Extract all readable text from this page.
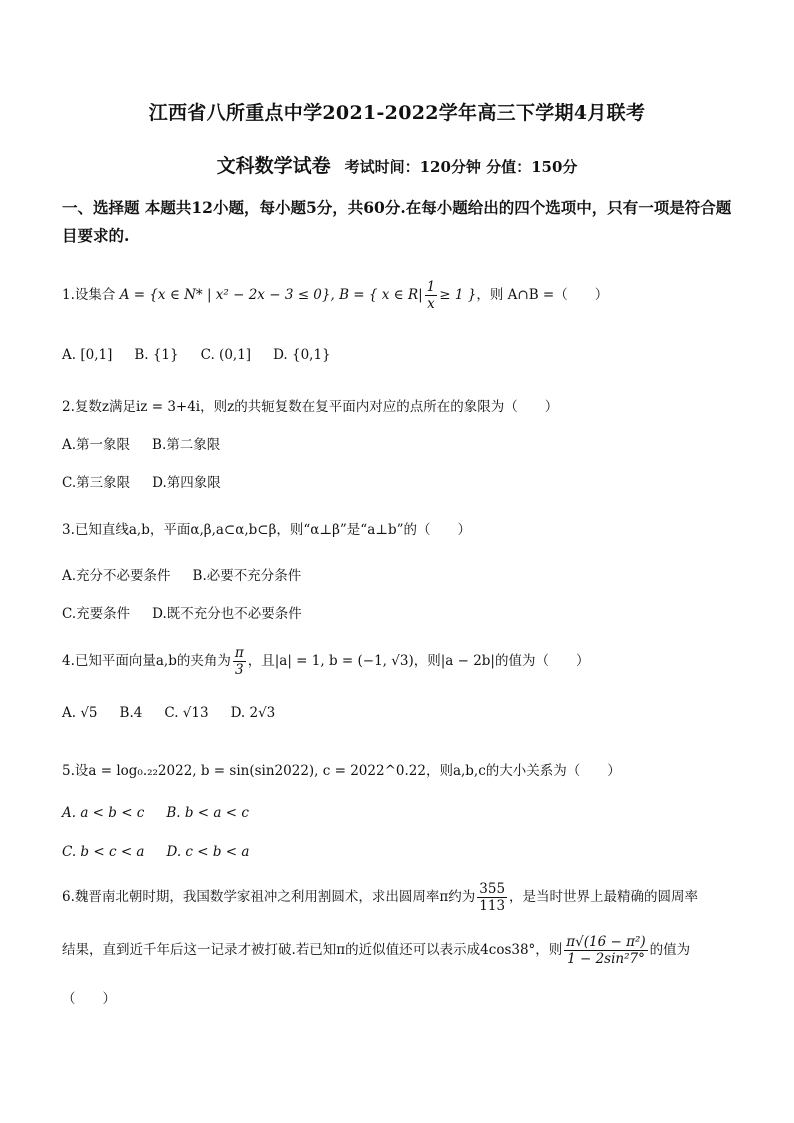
江西省八所重点中学2021-2022学年高三下学期4月联考
文科数学试卷 考试时间：120分钟 分值：150分
一、选择题 本题共12小题，每小题5分，共60分.在每小题给出的四个选项中，只有一项是符合题目要求的.
1.设集合 A = {x ∈ N* | x² − 2x − 3 ≤ 0}, B = { x ∈ $R| \frac{1}{x} \ge 1$ }，则 A∩B =（　　）
A. [0,1] B. {1} C. (0,1] D. {0,1}
2.复数z满足iz = 3+4i，则z的共轭复数在复平面内对应的点所在的象限为（　　）
A.第一象限 B.第二象限
C.第三象限 D.第四象限
3.已知直线a,b，平面α,β,a⊂α,b⊂β，则“α⊥β”是“a⊥b”的（　　）
A.充分不必要条件 B.必要不充分条件
C.充要条件 D.既不充分也不必要条件
4.已知平面向量a,b的夹角为 $\frac{\pi}{3}$ ，且|a| = 1, b = (−1, √3)，则|a − 2b|的值为（　　）
A. √5 B.4 C. √13 D. 2√3
5.设a = log₀.₂₂2022, b = sin(sin2022), c = 2022^0.22，则a,b,c的大小关系为（　　）
A. a < b < c B. b < a < c
C. b < c < a D. c < b < a
6.魏晋南北朝时期，我国数学家祖冲之利用割圆术，求出圆周率π约为 $\frac{355}{113}$ ，是当时世界上最精确的圆周率
结果，直到近千年后这一记录才被打破.若已知π的近似值还可以表示成4cos38°，则 $\frac{\text{π√(16 − π²)}}{\text{1 − 2sin²7°}}$ 的值为
（　　）
